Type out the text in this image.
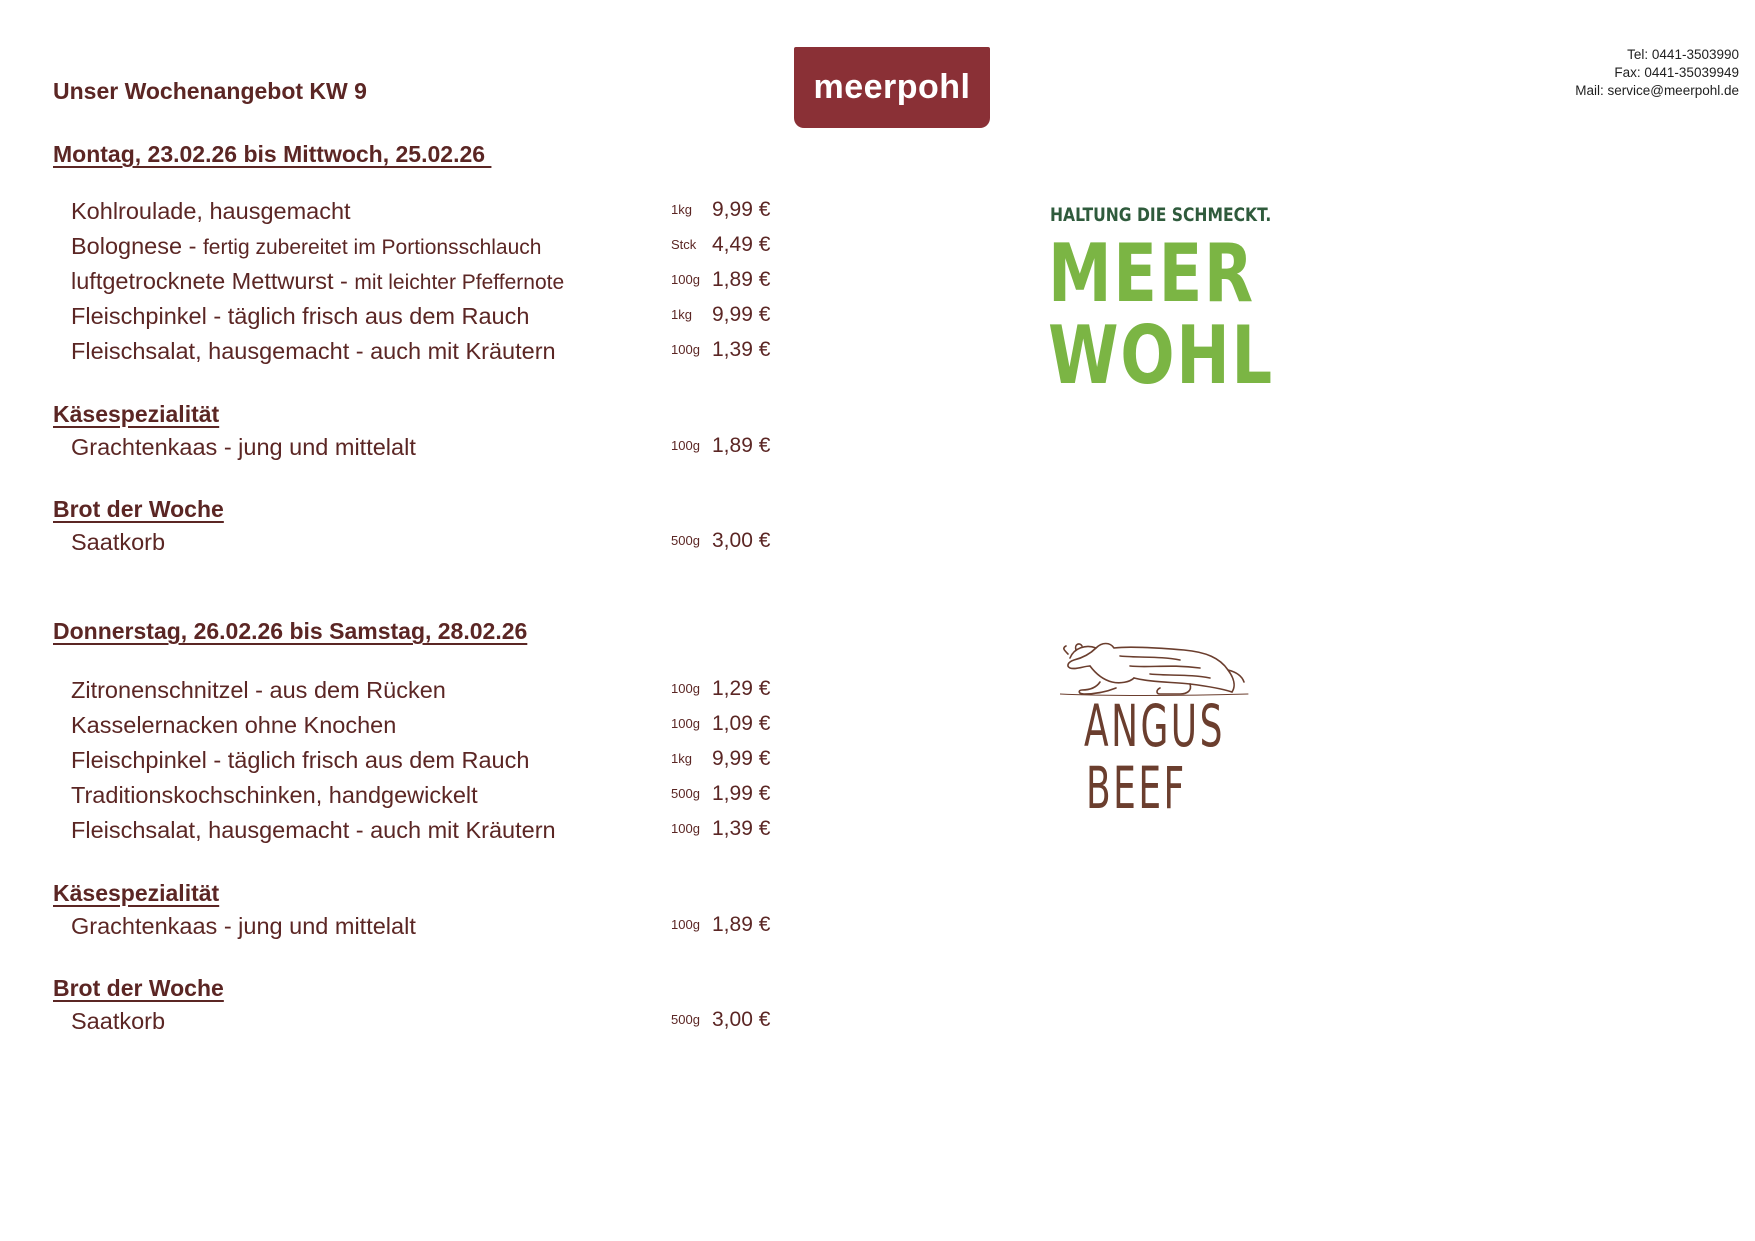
Unser Wochenangebot KW 9	meerpohl
Tel: 0441-3503990
Fax: 0441-35039949
Mail: service@meerpohl.de
Montag, 23.02.26 bis Mittwoch, 25.02.26
Kohlroulade, hausgemacht	1kg 9,99 €
Bolognese - fertig zubereitet im Portionsschlauch	Stck 4,49 €
luftgetrocknete Mettwurst - mit leichter Pfeffernote	100g 1,89 €
Fleischpinkel - täglich frisch aus dem Rauch	1kg 9,99 €
Fleischsalat, hausgemacht - auch mit Kräutern	100g 1,39 €
Käsespezialität
Grachtenkaas - jung und mittelalt	100g 1,89 €
Brot der Woche
Saatkorb	500g 3,00 €
Donnerstag, 26.02.26 bis Samstag, 28.02.26
Zitronenschnitzel - aus dem Rücken	100g 1,29 €
Kasselernacken ohne Knochen	100g 1,09 €
Fleischpinkel - täglich frisch aus dem Rauch	1kg 9,99 €
Traditionskochschinken, handgewickelt	500g 1,99 €
Fleischsalat, hausgemacht - auch mit Kräutern	100g 1,39 €
Käsespezialität
Grachtenkaas - jung und mittelalt	100g 1,89 €
Brot der Woche
Saatkorb	500g 3,00 €
HALTUNG DIE SCHMECKT.
MEER
WOHL
ANGUS
BEEF
